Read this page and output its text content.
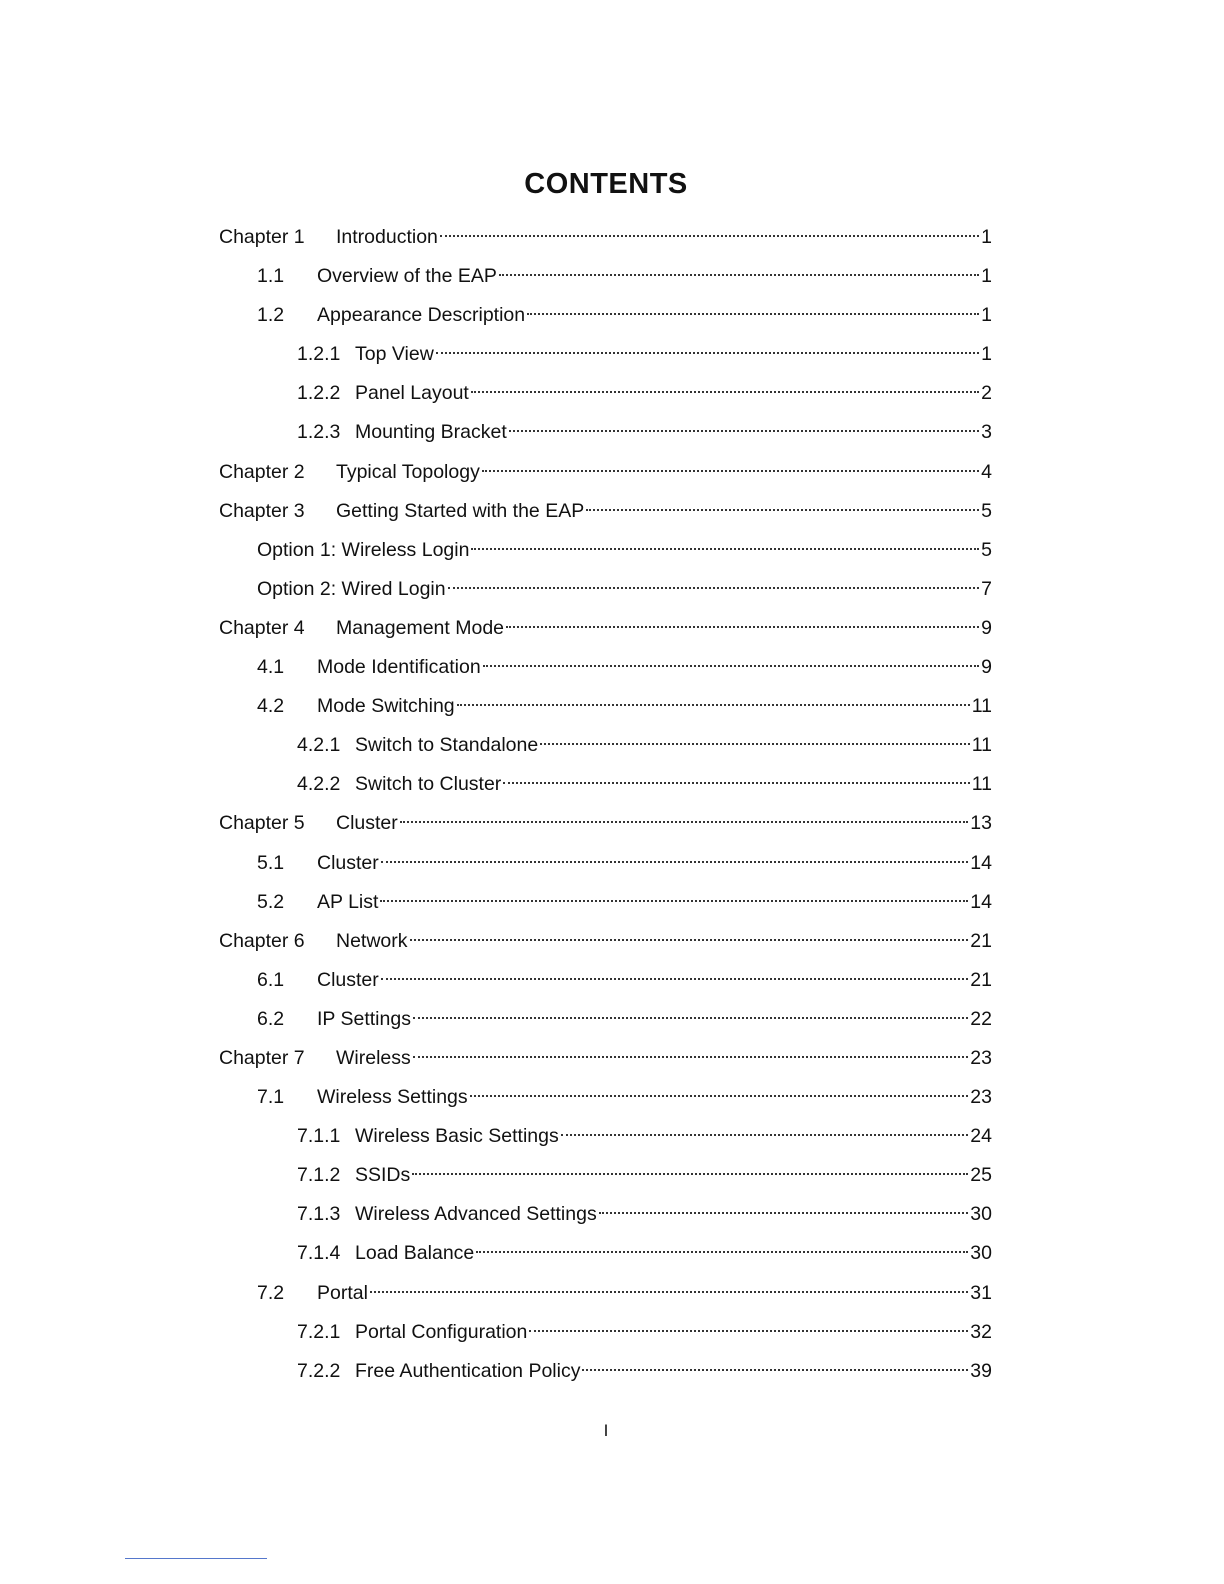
CONTENTS
Chapter 1	Introduction	1
1.1	Overview of the EAP	1
1.2	Appearance Description	1
1.2.1 Top View	1
1.2.2 Panel Layout	2
1.2.3 Mounting Bracket	3
Chapter 2	Typical Topology	4
Chapter 3	Getting Started with the EAP	5
Option 1: Wireless Login	5
Option 2: Wired Login	7
Chapter 4	Management Mode	9
4.1	Mode Identification	9
4.2	Mode Switching	11
4.2.1 Switch to Standalone	11
4.2.2 Switch to Cluster	11
Chapter 5	Cluster	13
5.1	Cluster	14
5.2	AP List	14
Chapter 6	Network	21
6.1	Cluster	21
6.2	IP Settings	22
Chapter 7	Wireless	23
7.1	Wireless Settings	23
7.1.1 Wireless Basic Settings	24
7.1.2 SSIDs	25
7.1.3 Wireless Advanced Settings	30
7.1.4 Load Balance	30
7.2	Portal	31
7.2.1 Portal Configuration	32
7.2.2 Free Authentication Policy	39
I
